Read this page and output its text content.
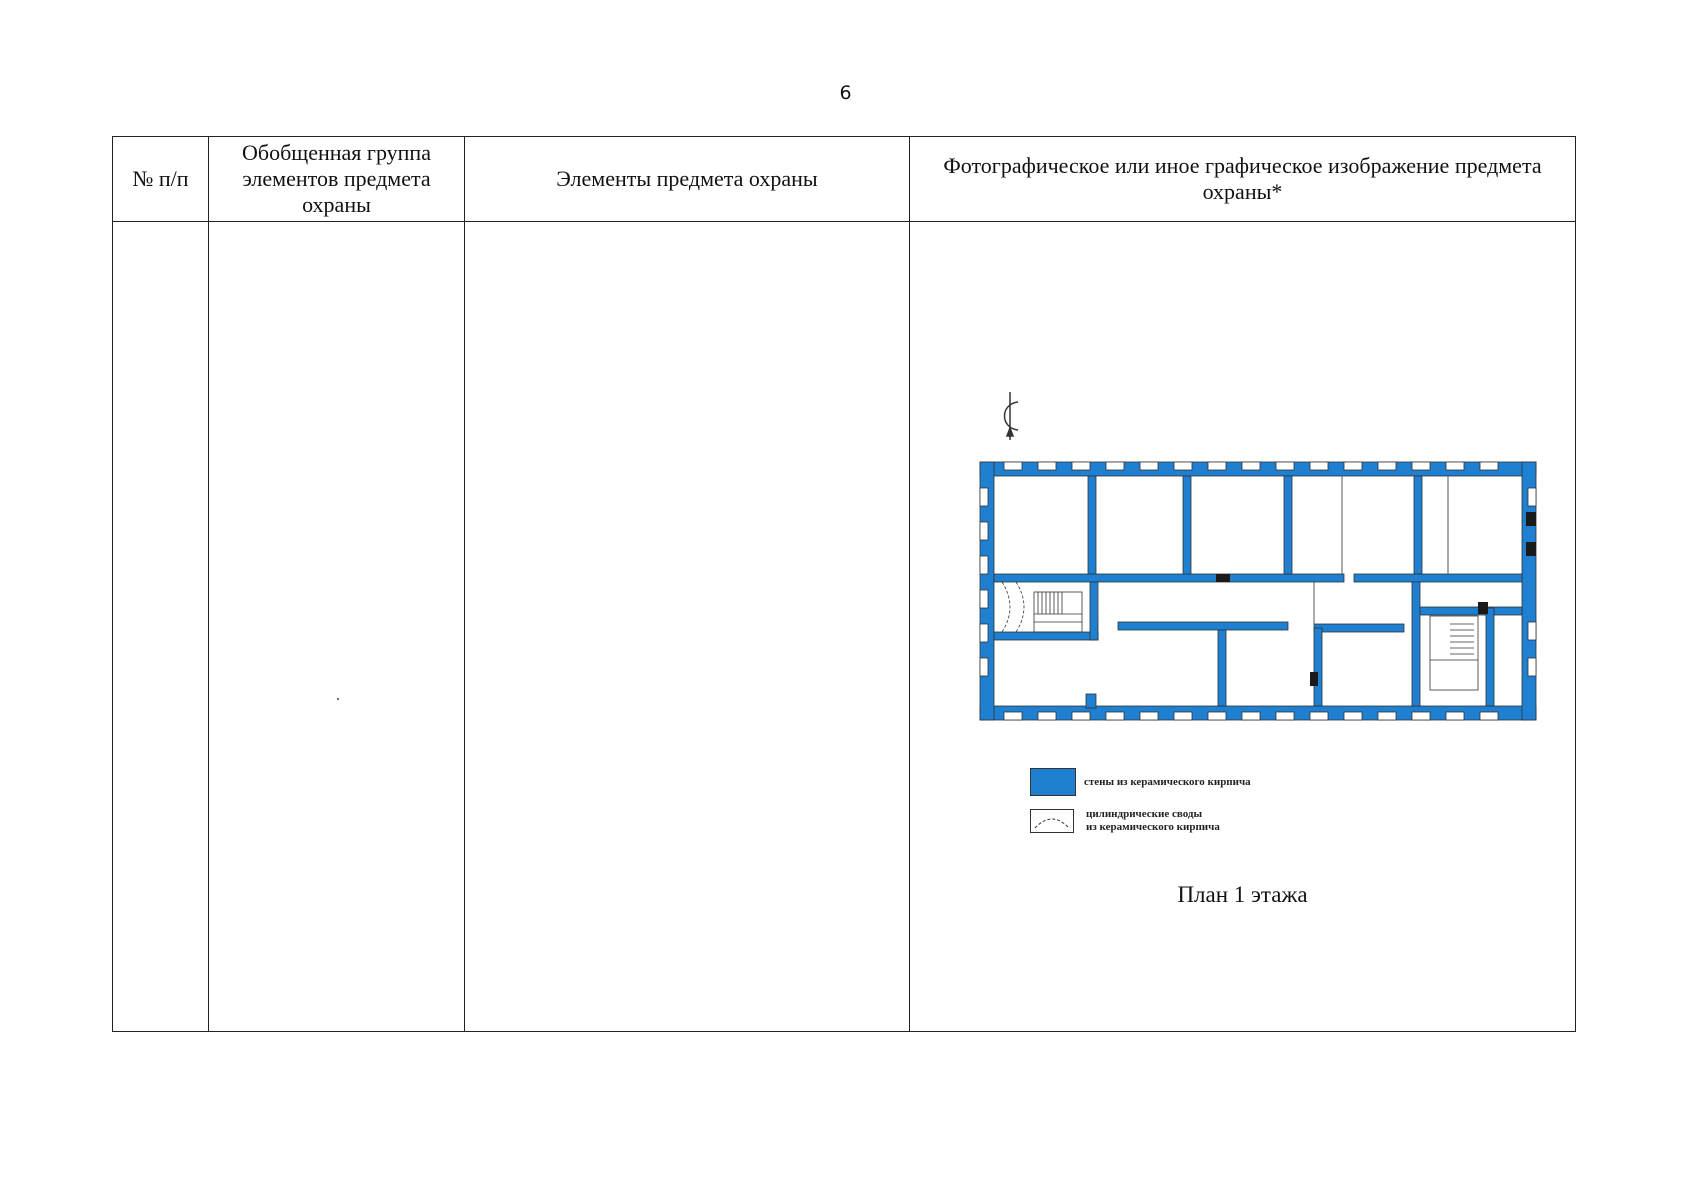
6
№ п/п	Обобщенная группа элементов предмета охраны	Элементы предмета охраны	Фотографическое или иное графическое изображение предмета охраны*

			стены из керамического кирпича
цилиндрические своды
из керамического кирпича
План 1 этажа
